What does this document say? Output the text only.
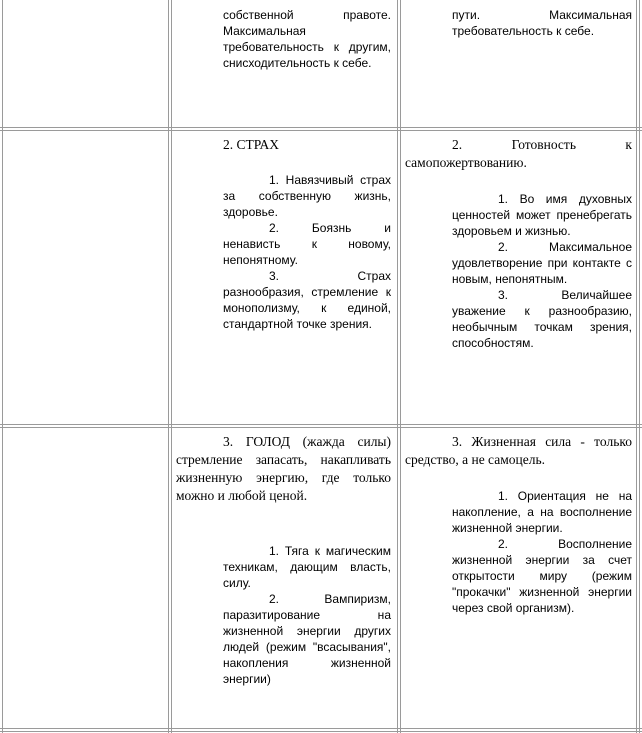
собственной правоте. Максимальная требовательность к другим, снисходительность к себе.

пути. Максимальная требовательность к себе.

2. СТРАХ

1. Навязчивый страх за собственную жизнь, здоровье.

2. Боязнь и ненависть к новому, непонятному.

3. Страх разнообразия, стремление к монополизму, к единой, стандартной точке зрения.

2. Готовность к самопожертвованию.

1. Во имя духовных ценностей может пренебрегать здоровьем и жизнью.

2. Максимальное удовлетворение при контакте с новым, непонятным.

3. Величайшее уважение к разнообразию, необычным точкам зрения, способностям.

3. ГОЛОД (жажда силы) стремление запасать, накапливать жизненную энергию, где только можно и любой ценой.

1. Тяга к магическим техникам, дающим власть, силу.

2. Вампиризм, паразитирование на жизненной энергии других людей (режим "всасывания", накопления жизненной энергии)

3. Жизненная сила - только средство, а не самоцель.

1. Ориентация не на накопление, а на восполнение жизненной энергии.

2. Восполнение жизненной энергии за счет открытости миру (режим "прокачки" жизненной энергии через свой организм).
